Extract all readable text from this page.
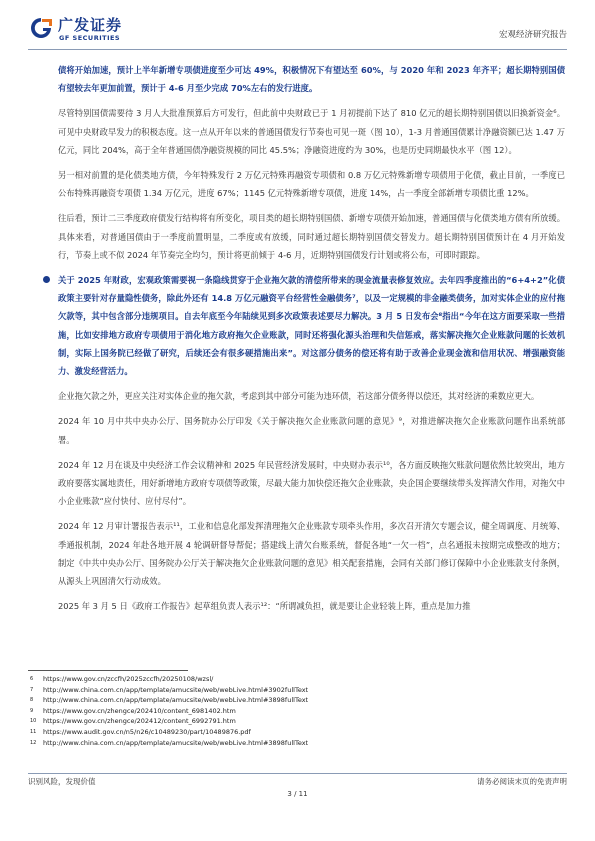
广发证券
GF SECURITIES	宏观经济研究报告

债将开始加速，预计上半年新增专项债进度至少可达 49%，积极情况下有望达至 60%，与 2020 年和 2023 年齐平；超长期特别国债有望较去年更加前置，预计于 4-6 月至少完成 70%左右的发行进度。

尽管特别国债需要待 3 月人大批准预算后方可发行，但此前中央财政已于 1 月初提前下达了 810 亿元的超长期特别国债以旧换新资金⁶。可见中央财政早发力的积极态度。这一点从开年以来的普通国债发行节奏也可见一斑（图 10），1-3 月普通国债累计净融资额已达 1.47 万亿元，同比 204%，高于全年普通国债净融资规模的同比 45.5%；净融资进度约为 30%，也是历史同期最快水平（图 12）。

另一相对前置的是化债类地方债，今年特殊发行 2 万亿元特殊再融资专项债和 0.8 万亿元特殊新增专项债用于化债，截止目前，一季度已公布特殊再融资专项债 1.34 万亿元，进度 67%；1145 亿元特殊新增专项债，进度 14%，占一季度全部新增专项债比重 12%。

往后看，预计二三季度政府债发行结构将有所变化，项目类的超长期特别国债、新增专项债开始加速，普通国债与化债类地方债有所放缓。具体来看，对普通国债由于一季度前置明显，二季度或有放缓，同时通过超长期特别国债交替发力。超长期特别国债预计在 4 月开始发行，节奏上或不似 2024 年节奏完全均匀，预计将更前倾于 4-6 月，近期特别国债发行计划或将公布，可即时跟踪。

关于 2025 年财政，宏观政策需要视一条隐线贯穿于企业拖欠款的清偿所带来的现金流量表修复效应。去年四季度推出的“6+4+2”化债政策主要针对存量隐性债务，除此外还有 14.8 万亿元融资平台经营性金融债务⁷，以及一定规模的非金融类债务，加对实体企业的应付拖欠款等，其中包含部分违规项目。自去年底至今年陆续见到多次政策表述要尽力解决。3 月 5 日发布会⁸指出“今年在这方面要采取一些措施，比如安排地方政府专项债用于消化地方政府拖欠企业账款，同时还将强化源头治理和失信惩戒，落实解决拖欠企业账款问题的长效机制，实际上国务院已经做了研究，后续还会有很多硬措施出来”。对这部分债务的偿还将有助于改善企业现金流和信用状况、增强融资能力、激发经营活力。

企业拖欠款之外，更应关注对实体企业的拖欠款，考虑到其中部分可能为违环债，若这部分债务得以偿还，其对经济的乘数应更大。

2024 年 10 月中共中央办公厅、国务院办公厅印发《关于解决拖欠企业账款问题的意见》⁹，对推进解决拖欠企业账款问题作出系统部署。

2024 年 12 月在谈及中央经济工作会议精神和 2025 年民营经济发展时，中央财办表示¹⁰，各方面反映拖欠账款问题依然比较突出，地方政府要落实属地责任，用好新增地方政府专项债等政策，尽最大能力加快偿还拖欠企业账款，央企国企要继续带头发挥清欠作用，对拖欠中小企业账款“应付快付、应付尽付”。

2024 年 12 月审计署报告表示¹¹，工业和信息化部发挥清理拖欠企业账款专项牵头作用，多次召开清欠专题会议，健全周调度、月统筹、季通报机制，2024 年赴各地开展 4 轮调研督导帮促；搭建线上清欠台账系统，督促各地“一欠一档”，点名通报未按期完成整改的地方；制定《中共中央办公厅、国务院办公厅关于解决拖欠企业账款问题的意见》相关配套措施，会同有关部门修订保障中小企业账款支付条例，从源头上巩固清欠行动成效。

2025 年 3 月 5 日《政府工作报告》起草组负责人表示¹²：“所谓减负担，就是要让企业轻装上阵，重点是加力推

$^6$ https://www.gov.cn/zccfh/2025zccfh/20250108/wzsl/
$^7$ http://www.china.com.cn/app/template/amucsite/web/webLive.html#3902fullText
$^8$ http://www.china.com.cn/app/template/amucsite/web/webLive.html#3898fullText
$^9$ https://www.gov.cn/zhengce/202410/content_6981402.htm
$^{10}$ https://www.gov.cn/zhengce/202412/content_6992791.htm
$^{11}$ https://www.audit.gov.cn/n5/n26/c10489230/part/10489876.pdf
$^{12}$ http://www.china.com.cn/app/template/amucsite/web/webLive.html#3898fullText
识别风险，发现价值	请务必阅读末页的免责声明
3 / 11
